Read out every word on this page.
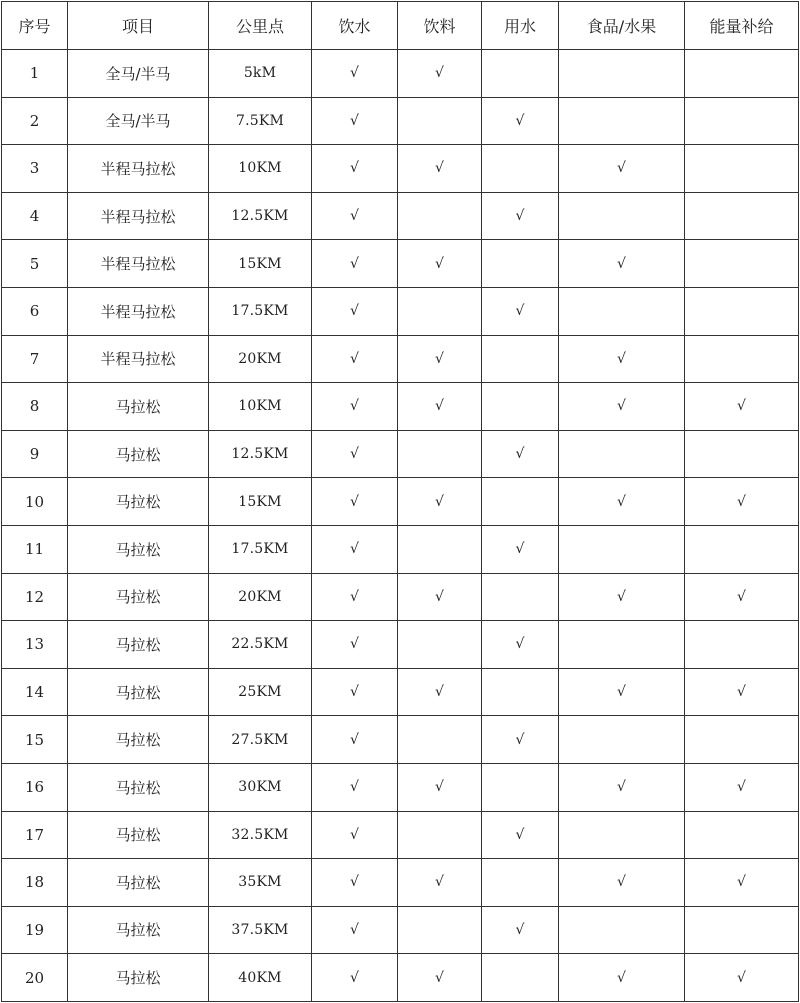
序号	项目	公里点	饮水	饮料	用水	食品/水果	能量补给
1	全马/半马	5kM	√	√			
2	全马/半马	7.5KM	√		√		
3	半程马拉松	10KM	√	√		√	
4	半程马拉松	12.5KM	√		√		
5	半程马拉松	15KM	√	√		√	
6	半程马拉松	17.5KM	√		√		
7	半程马拉松	20KM	√	√		√	
8	马拉松	10KM	√	√		√	√
9	马拉松	12.5KM	√		√		
10	马拉松	15KM	√	√		√	√
11	马拉松	17.5KM	√		√		
12	马拉松	20KM	√	√		√	√
13	马拉松	22.5KM	√		√		
14	马拉松	25KM	√	√		√	√
15	马拉松	27.5KM	√		√		
16	马拉松	30KM	√	√		√	√
17	马拉松	32.5KM	√		√		
18	马拉松	35KM	√	√		√	√
19	马拉松	37.5KM	√		√		
20	马拉松	40KM	√	√		√	√
